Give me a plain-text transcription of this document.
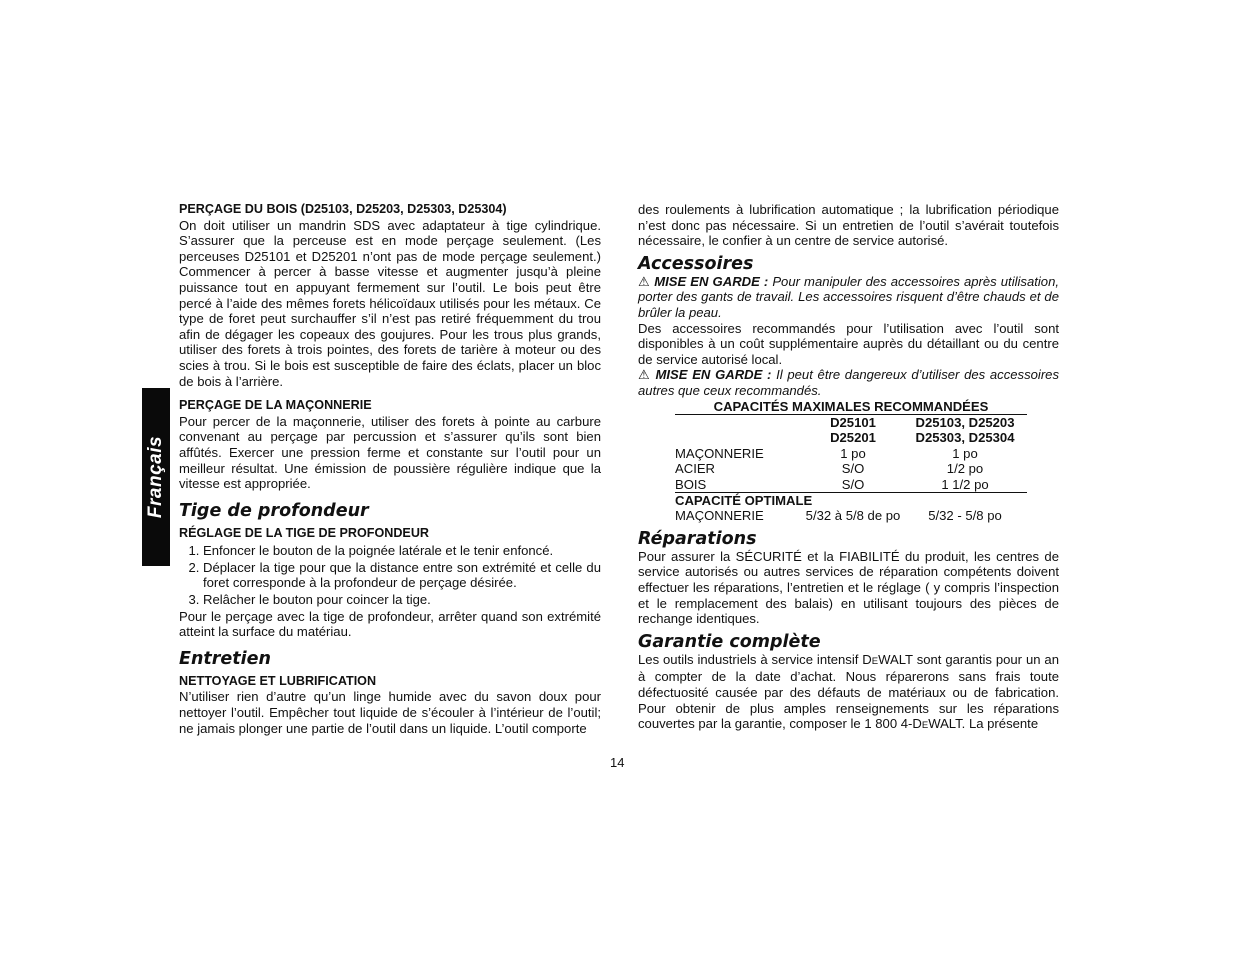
Français

PERÇAGE DU BOIS (D25103, D25203, D25303, D25304)

On doit utiliser un mandrin SDS avec adaptateur à tige cylindrique. S’assurer que la perceuse est en mode perçage seulement. (Les perceuses D25101 et D25201 n’ont pas de mode perçage seulement.) Commencer à percer à basse vitesse et augmenter jusqu’à pleine puissance tout en appuyant fermement sur l’outil. Le bois peut être percé à l’aide des mêmes forets hélicoïdaux utilisés pour les métaux. Ce type de foret peut surchauffer s’il n’est pas retiré fréquemment du trou afin de dégager les copeaux des goujures. Pour les trous plus grands, utiliser des forets à trois pointes, des forets de tarière à moteur ou des scies à trou. Si le bois est susceptible de faire des éclats, placer un bloc de bois à l’arrière.

PERÇAGE DE LA MAÇONNERIE

Pour percer de la maçonnerie, utiliser des forets à pointe au carbure convenant au perçage par percussion et s’assurer qu’ils sont bien affûtés. Exercer une pression ferme et constante sur l’outil pour un meilleur résultat. Une émission de poussière régulière indique que la vitesse est appropriée.

Tige de profondeur

RÉGLAGE DE LA TIGE DE PROFONDEUR

1. Enfoncer le bouton de la poignée latérale et le tenir enfoncé.
2. Déplacer la tige pour que la distance entre son extrémité et celle du foret corresponde à la profondeur de perçage désirée.
3. Relâcher le bouton pour coincer la tige.

Pour le perçage avec la tige de profondeur, arrêter quand son extrémité atteint la surface du matériau.

Entretien

NETTOYAGE ET LUBRIFICATION

N’utiliser rien d’autre qu’un linge humide avec du savon doux pour nettoyer l’outil. Empêcher tout liquide de s’écouler à l’intérieur de l’outil; ne jamais plonger une partie de l’outil dans un liquide. L’outil comporte

des roulements à lubrification automatique ; la lubrification périodique n’est donc pas nécessaire. Si un entretien de l’outil s’avérait toutefois nécessaire, le confier à un centre de service autorisé.

Accessoires

⚠ MISE EN GARDE : Pour manipuler des accessoires après utilisation, porter des gants de travail. Les accessoires risquent d’être chauds et de brûler la peau.

Des accessoires recommandés pour l’utilisation avec l’outil sont disponibles à un coût supplémentaire auprès du détaillant ou du centre de service autorisé local.

⚠ MISE EN GARDE : Il peut être dangereux d’utiliser des accessoires autres que ceux recommandés.

CAPACITÉS MAXIMALES RECOMMANDÉES		
	D25101	D25103, D25203
	D25201	D25303, D25304
MAÇONNERIE	1 po	1 po
ACIER	S/O	1/2 po
BOIS	S/O	1 1/2 po
CAPACITÉ OPTIMALE		
MAÇONNERIE	5/32 à 5/8 de po	5/32 - 5/8 po
Réparations

Pour assurer la SÉCURITÉ et la FIABILITÉ du produit, les centres de service autorisés ou autres services de réparation compétents doivent effectuer les réparations, l’entretien et le réglage ( y compris l’inspection et le remplacement des balais) en utilisant toujours des pièces de rechange identiques.

Garantie complète

Les outils industriels à service intensif DEWALT sont garantis pour un an à compter de la date d’achat. Nous réparerons sans frais toute défectuosité causée par des défauts de matériaux ou de fabrication. Pour obtenir de plus amples renseignements sur les réparations couvertes par la garantie, composer le 1 800 4-DEWALT. La présente

14
